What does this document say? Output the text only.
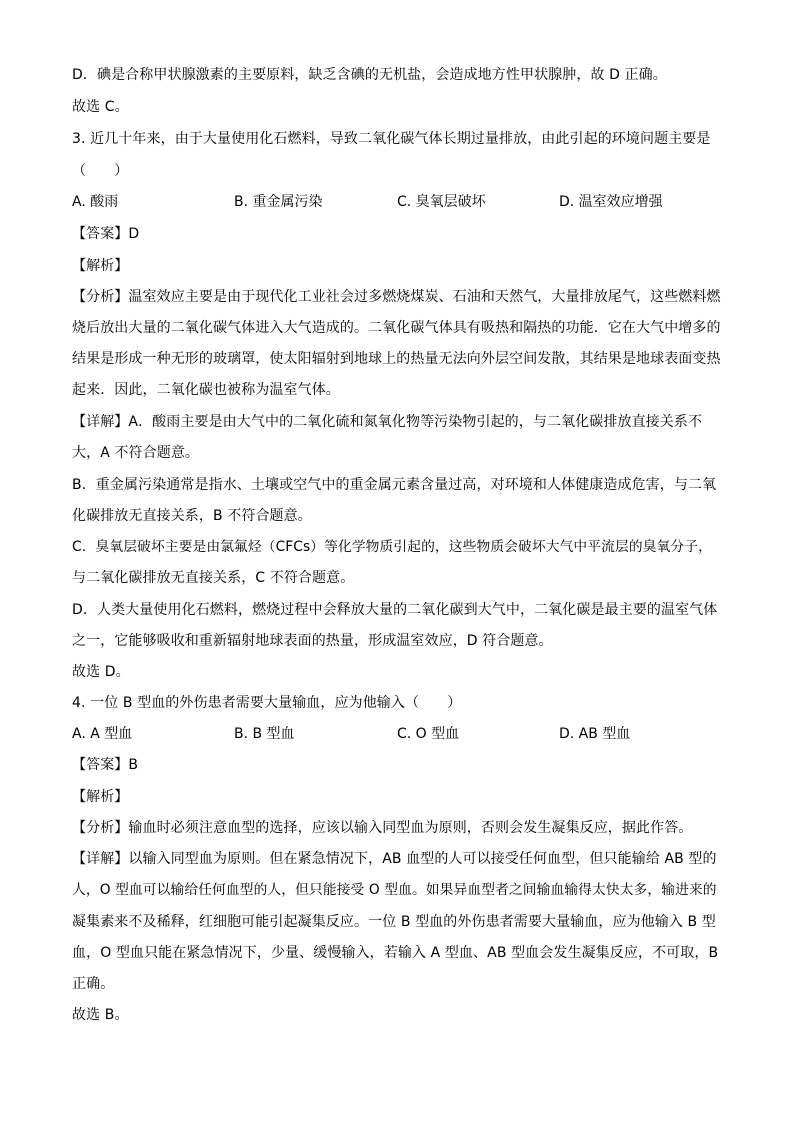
D．碘是合称甲状腺激素的主要原料，缺乏含碘的无机盐，会造成地方性甲状腺肿，故 D 正确。
故选 C。
3. 近几十年来，由于大量使用化石燃料，导致二氧化碳气体长期过量排放，由此引起的环境问题主要是
（　　）
A. 酸雨	B. 重金属污染	C. 臭氧层破坏	D. 温室效应增强
【答案】D
【解析】
【分析】温室效应主要是由于现代化工业社会过多燃烧煤炭、石油和天然气，大量排放尾气，这些燃料燃
烧后放出大量的二氧化碳气体进入大气造成的。二氧化碳气体具有吸热和隔热的功能．它在大气中增多的
结果是形成一种无形的玻璃罩，使太阳辐射到地球上的热量无法向外层空间发散，其结果是地球表面变热
起来．因此，二氧化碳也被称为温室气体。
【详解】A．酸雨主要是由大气中的二氧化硫和氮氧化物等污染物引起的，与二氧化碳排放直接关系不
大，A 不符合题意。
B．重金属污染通常是指水、土壤或空气中的重金属元素含量过高，对环境和人体健康造成危害，与二氧
化碳排放无直接关系，B 不符合题意。
C．臭氧层破坏主要是由氯氟烃（CFCs）等化学物质引起的，这些物质会破坏大气中平流层的臭氧分子，
与二氧化碳排放无直接关系，C 不符合题意。
D．人类大量使用化石燃料，燃烧过程中会释放大量的二氧化碳到大气中，二氧化碳是最主要的温室气体
之一，它能够吸收和重新辐射地球表面的热量，形成温室效应，D 符合题意。
故选 D。
4. 一位 B 型血的外伤患者需要大量输血，应为他输入（　　）
A. A 型血	B. B 型血	C. O 型血	D. AB 型血
【答案】B
【解析】
【分析】输血时必须注意血型的选择，应该以输入同型血为原则，否则会发生凝集反应，据此作答。
【详解】以输入同型血为原则。但在紧急情况下，AB 血型的人可以接受任何血型，但只能输给 AB 型的
人，O 型血可以输给任何血型的人，但只能接受 O 型血。如果异血型者之间输血输得太快太多，输进来的
凝集素来不及稀释，红细胞可能引起凝集反应。一位 B 型血的外伤患者需要大量输血，应为他输入 B 型
血，O 型血只能在紧急情况下，少量、缓慢输入，若输入 A 型血、AB 型血会发生凝集反应，不可取，B
正确。
故选 B。
